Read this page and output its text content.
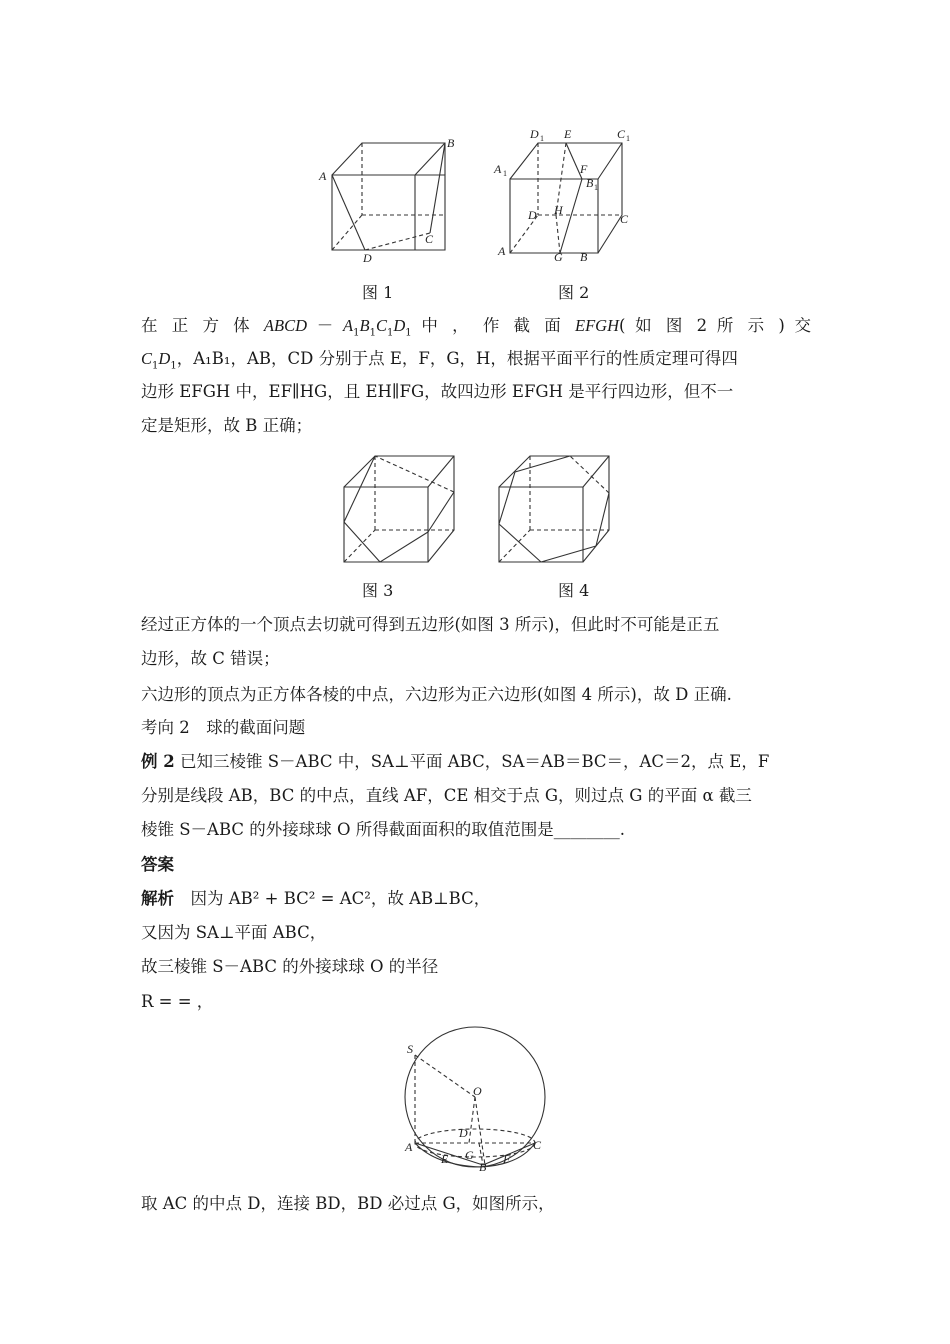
A
B
C
D
图 1
D 1 E	C 1
A 1	F
B 1
D H
C
A	G B
图 2
在 正 方 体 ABCD － $A_1B_1C_1D_1$ 中 ， 作 截 面 EFGH( 如 图 2 所 示 ) 交
$C_1D_1$，A₁B₁，AB，CD 分别于点 E，F，G，H，根据平面平行的性质定理可得四
边形 EFGH 中，EF∥HG，且 EH∥FG，故四边形 EFGH 是平行四边形，但不一
定是矩形，故 B 正确；
图 3	图 4
经过正方体的一个顶点去切就可得到五边形(如图 3 所示)，但此时不可能是正五
边形，故 C 错误；
六边形的顶点为正方体各棱的中点，六边形为正六边形(如图 4 所示)，故 D 正确.
考向 2　球的截面问题
例 2 已知三棱锥 S－ABC 中，SA⊥平面 ABC，SA＝AB＝BC＝，AC＝2，点 E，F
分别是线段 AB，BC 的中点，直线 AF，CE 相交于点 G，则过点 G 的平面 α 截三
棱锥 S－ABC 的外接球球 O 所得截面面积的取值范围是________.
答案
解析　因为 AB² + BC² = AC²，故 AB⊥BC，
又因为 SA⊥平面 ABC，
故三棱锥 S－ABC 的外接球球 O 的半径
R = = ，
S
O
A
D
C
E G F
B
取 AC 的中点 D，连接 BD，BD 必过点 G，如图所示，
